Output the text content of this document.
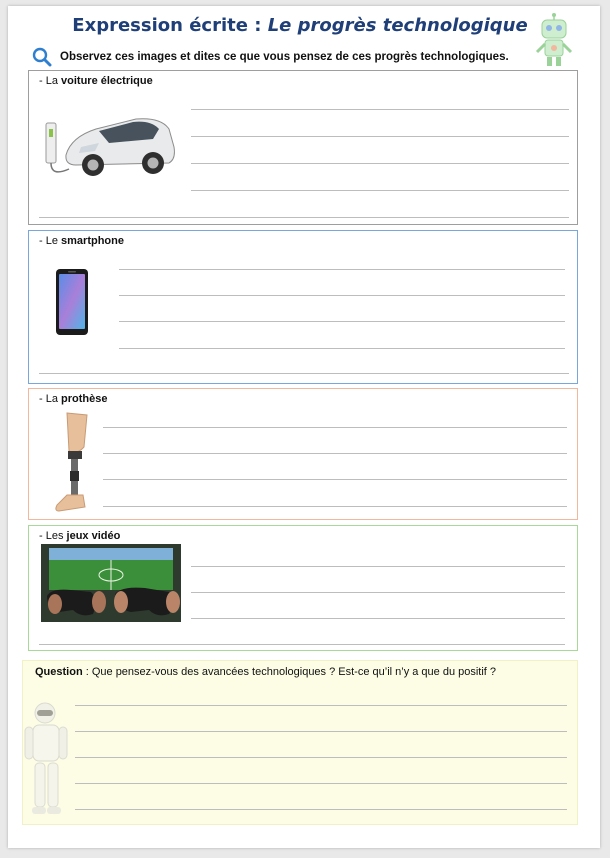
Expression écrite : Le progrès technologique
Observez ces images et dites ce que vous pensez de ces progrès technologiques.
- La voiture électrique
- Le smartphone
- La prothèse
- Les jeux vidéo
Question : Que pensez-vous des avancées technologiques ? Est-ce qu’il n’y a que du positif ?
